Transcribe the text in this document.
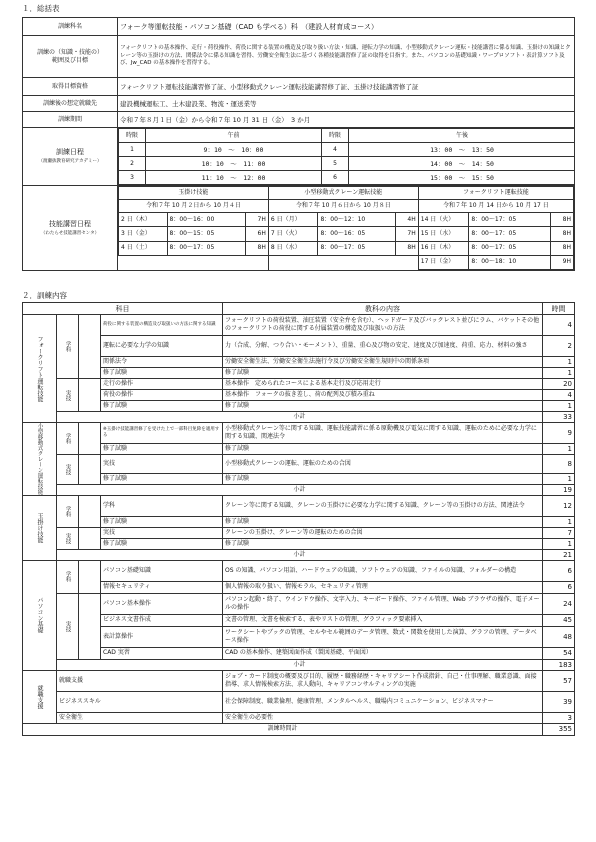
１．総括表
訓練科名	フォーク等運転技能・パソコン基礎（CAD も学べる）科　（建設人材育成コース）
訓練の（知識・技能の）
範囲及び目標	フォークリフトの基本操作、走行・荷役操作、荷役に関する装置の構造及び取り扱い方法・知識、運転力学の知識、小型移動式クレーン運転・技能講習に係る知識、玉掛けの知識とクレーン等の玉掛けの方法、関係法令に係る知識を習得、労働安全衛生法に基づく各種技能講習修了証の取得を目指す。また、パソコンの基礎知識・ワープロソフト・表計算ソフト及び、Jw_CAD の基本操作を習得する。
取得目標資格	フォークリフト運転技能講習修了証、小型移動式クレーン運転技能講習修了証、玉掛け技能講習修了証
訓練後の想定就職先	建設機械運転工、土木建設業、物流・運送業等
訓練期間	令和７年８月１日（金）から令和７年 10 月 31 日（金）　3 か月
訓練日程
（渡瀬抜教育研究アカデミー）	
時限	午前	時限	午後
1	9：10　～　10：00	4	13：00　～　13：50
2	10：10　～　11：00	5	14：00　～　14：50
3	11：10　～　12：00	6	15：00　～　15：50

技能講習日程
（わたらせ技能講習センタ）	
玉掛け技能	小型移動式クレーン運転技能	フォークリフト運転技能
令和７年 10 月２日から 10 月４日	令和７年 10 月６日から 10 月８日	令和７年 10 月 14 日から 10 月 17 日
2 日（木）	8：00～16：00	7H	6 日（月）	8：00～12：10	4H	14 日（火）	8：00～17：05	8H
3 日（金）	8：00～15：05	6H	7 日（火）	8：00～16：05	7H	15 日（水）	8：00～17：05	8H
4 日（土）	8：00～17：05	8H	8 日（水）	8：00～17：05	8H	16 日（木）	8：00～17：05	8H
		17 日（金）	8：00～18：10	9H
２．訓練内容
科目				教科の内容	時間
フォークリフト運転技能	学科		荷役に関する装置の構造及び取扱いの方法に関する知識	フォークリフトの荷役装置、油圧装置（安全弁を含む）、ヘッドガード及びバックレスト並びにラム、バケットその他のフォークリフトの荷役に関する付属装置の構造及び取扱いの方法	4
			運転に必要な力学の知識	力（合成、分解、つり合い・モーメント）、重量、重心及び物の安定、速度及び加速度、荷重、応力、材料の強さ	2
			関係法令	労働安全衛生法、労働安全衛生法施行令及び労働安全衛生規則中の関係条項	1
			修了試験	修了試験	1
	実技		走行の操作	基本操作　定められたコースによる基本走行及び応用走行	20
			荷役の操作	基本操作　フォークの抜き差し、荷の配列及び積み重ね	4
			修了試験	修了試験	1
	小計				33
小型移動式クレーン運転技能	学科		※玉掛け技能講習修了を受けた上で一部科目免除を適用する	小型移動式クレーン等に関する知識、運転技能講習に係る原動機及び電気に関する知識、運転のために必要な力学に関する知識、関連法令	9
			修了試験	修了試験	1
	実技		実技	小型移動式クレーンの運転、運転のための合図	8
			修了試験	修了試験	1
	小計				19
玉掛け技能	学科		学科	クレーン等に関する知識、クレーンの玉掛けに必要な力学に関する知識、クレーン等の玉掛けの方法、関連法令	12
			修了試験	修了試験	1
	実技		実技	クレーンの玉掛け、クレーン等の運転のための合図	7
			修了試験	修了試験	1
	小計				21
パソコン基礎	学科		パソコン基礎知識	OS の知識、パソコン用語、ハードウェアの知識、ソフトウェアの知識、ファイルの知識、フォルダーの構造	6
			情報セキュリティ	個人情報の取り扱い、情報モラル、セキュリティ管理	6
	実技		パソコン基本操作	パソコン起動・終了、ウインドウ操作、文字入力、キーボード操作、ファイル管理、Web ブラウザの操作、電子メールの操作	24
			ビジネス文書作成	文書の管理、文書を検索する、表やリストの管理、グラフィック要素挿入	45
			表計算操作	ワークシートやブックの管理、セルやセル範囲のデータ管理、数式・関数を使用した演算、グラフの管理、データベース操作	48
			CAD 実習	CAD の基本操作、建築図面作成（製図基礎、平面図）	54
	小計				183
就職支援	就職支援			ジョブ・カード制度の概要及び目的、履歴・職務経歴・キャリアシート作成指針、自己・仕事理解、職業意識、面接指導、求人情報検索方法、求人動向、キャリアコンサルティングの実施	57
	ビジネススキル			社会保障制度、職業倫理、健康管理、メンタルヘルス、職場内コミュニケーション、ビジネスマナー	39
	安全衛生			安全衛生の必要性	3
訓練時間計					355
